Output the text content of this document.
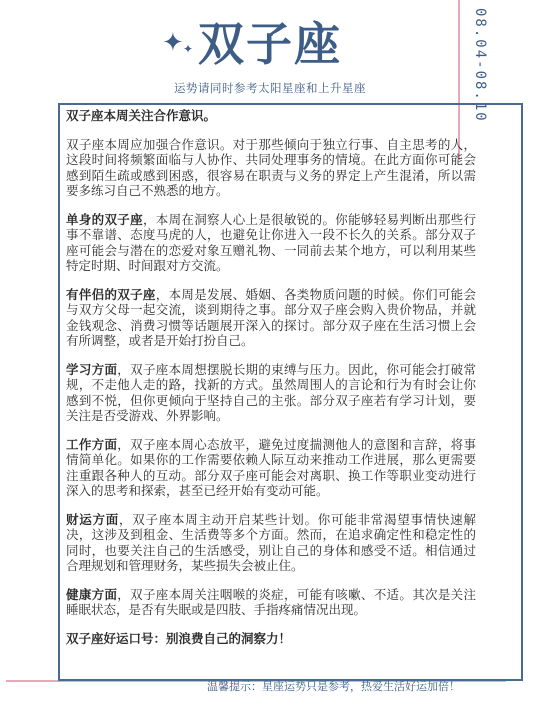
✦ ✦ 双子座
运势请同时参考太阳星座和上升星座	08.04-08.10

双子座本周关注合作意识。

双子座本周应加强合作意识。对于那些倾向于独立行事、自主思考的人，这段时间将频繁面临与人协作、共同处理事务的情境。在此方面你可能会感到陌生疏或感到困惑，很容易在职责与义务的界定上产生混淆，所以需要多练习自己不熟悉的地方。

单身的双子座，本周在洞察人心上是很敏锐的。你能够轻易判断出那些行事不靠谱、态度马虎的人，也避免让你进入一段不长久的关系。部分双子座可能会与潜在的恋爱对象互赠礼物、一同前去某个地方，可以利用某些特定时期、时间跟对方交流。

有伴侣的双子座，本周是发展、婚姻、各类物质问题的时候。你们可能会与双方父母一起交流，谈到期待之事。部分双子座会购入贵价物品，并就金钱观念、消费习惯等话题展开深入的探讨。部分双子座在生活习惯上会有所调整，或者是开始打扮自己。

学习方面，双子座本周想摆脱长期的束缚与压力。因此，你可能会打破常规，不走他人走的路，找新的方式。虽然周围人的言论和行为有时会让你感到不悦，但你更倾向于坚持自己的主张。部分双子座若有学习计划，要关注是否受游戏、外界影响。

工作方面，双子座本周心态放平，避免过度揣测他人的意图和言辞，将事情简单化。如果你的工作需要依赖人际互动来推动工作进展，那么更需要注重跟各种人的互动。部分双子座可能会对离职、换工作等职业变动进行深入的思考和探索，甚至已经开始有变动可能。

财运方面，双子座本周主动开启某些计划。你可能非常渴望事情快速解决，这涉及到租金、生活费等多个方面。然而，在追求确定性和稳定性的同时，也要关注自己的生活感受，别让自己的身体和感受不适。相信通过合理规划和管理财务，某些损失会被止住。

健康方面，双子座本周关注咽喉的炎症，可能有咳嗽、不适。其次是关注睡眠状态，是否有失眠或是四肢、手指疼痛情况出现。

双子座好运口号：别浪费自己的洞察力！

温馨提示：星座运势只是参考，热爱生活好运加倍！
